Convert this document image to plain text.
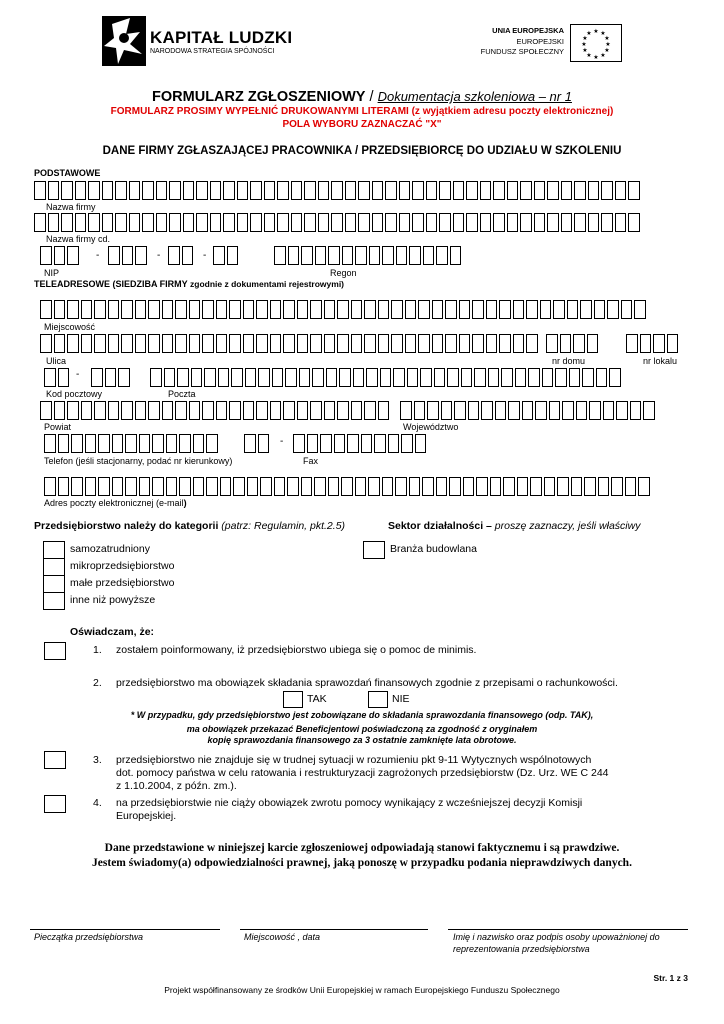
KAPITAŁ LUDZKI
NARODOWA STRATEGIA SPÓJNOŚCI
UNIA EUROPEJSKA
EUROPEJSKI
FUNDUSZ SPOŁECZNY
★ ★
★
★
★
★
★
★
★
★
★
★
FORMULARZ ZGŁOSZENIOWY / Dokumentacja szkoleniowa – nr 1
FORMULARZ PROSIMY WYPEŁNIĆ DRUKOWANYMI LITERAMI (z wyjątkiem adresu poczty elektronicznej)
POLA WYBORU ZAZNACZAĆ "X"
DANE FIRMY ZGŁASZAJĄCEJ PRACOWNIKA / PRZEDSIĘBIORCĘ DO UDZIAŁU W SZKOLENIU
PODSTAWOWE
Nazwa firmy
Nazwa firmy cd.
-	-	-
NIP	Regon
TELEADRESOWE (SIEDZIBA FIRMY zgodnie z dokumentami rejestrowymi)
Miejscowość
Ulica	nr domu	nr lokalu
-
Kod pocztowy	Poczta
Powiat	Województwo
-
Telefon (jeśli stacjonarny, podać nr kierunkowy)	Fax
Adres poczty elektronicznej (e-mail)
Przedsiębiorstwo należy do kategorii (patrz: Regulamin, pkt.2.5)	Sektor działalności – proszę zaznaczy, jeśli właściwy
samozatrudniony
mikroprzedsiębiorstwo
małe przedsiębiorstwo
inne niż powyższe
Branża budowlana
Oświadczam, że:
1. zostałem poinformowany, iż przedsiębiorstwo ubiega się o pomoc de minimis.
2. przedsiębiorstwo ma obowiązek składania sprawozdań finansowych zgodnie z przepisami o rachunkowości.
TAK	NIE
* W przypadku, gdy przedsiębiorstwo jest zobowiązane do składania sprawozdania finansowego (odp. TAK),
ma obowiązek przekazać Beneficjentowi poświadczoną za zgodność z oryginałem
kopię sprawozdania finansowego za 3 ostatnie zamknięte lata obrotowe.
3. przedsiębiorstwo nie znajduje się w trudnej sytuacji w rozumieniu pkt 9-11 Wytycznych wspólnotowych
dot. pomocy państwa w celu ratowania i restrukturyzacji zagrożonych przedsiębiorstw (Dz. Urz. WE C 244
z 1.10.2004, z późn. zm.).
4. na przedsiębiorstwie nie ciąży obowiązek zwrotu pomocy wynikający z wcześniejszej decyzji Komisji
Europejskiej.
Dane przedstawione w niniejszej karcie zgłoszeniowej odpowiadają stanowi faktycznemu i są prawdziwe.
Jestem świadomy(a) odpowiedzialności prawnej, jaką ponoszę w przypadku podania nieprawdziwych danych.
Pieczątka przedsiębiorstwa	Miejscowość , data	Imię i nazwisko oraz podpis osoby upoważnionej do
reprezentowania przedsiębiorstwa
Str. 1 z 3
Projekt współfinansowany ze środków Unii Europejskiej w ramach Europejskiego Funduszu Społecznego
